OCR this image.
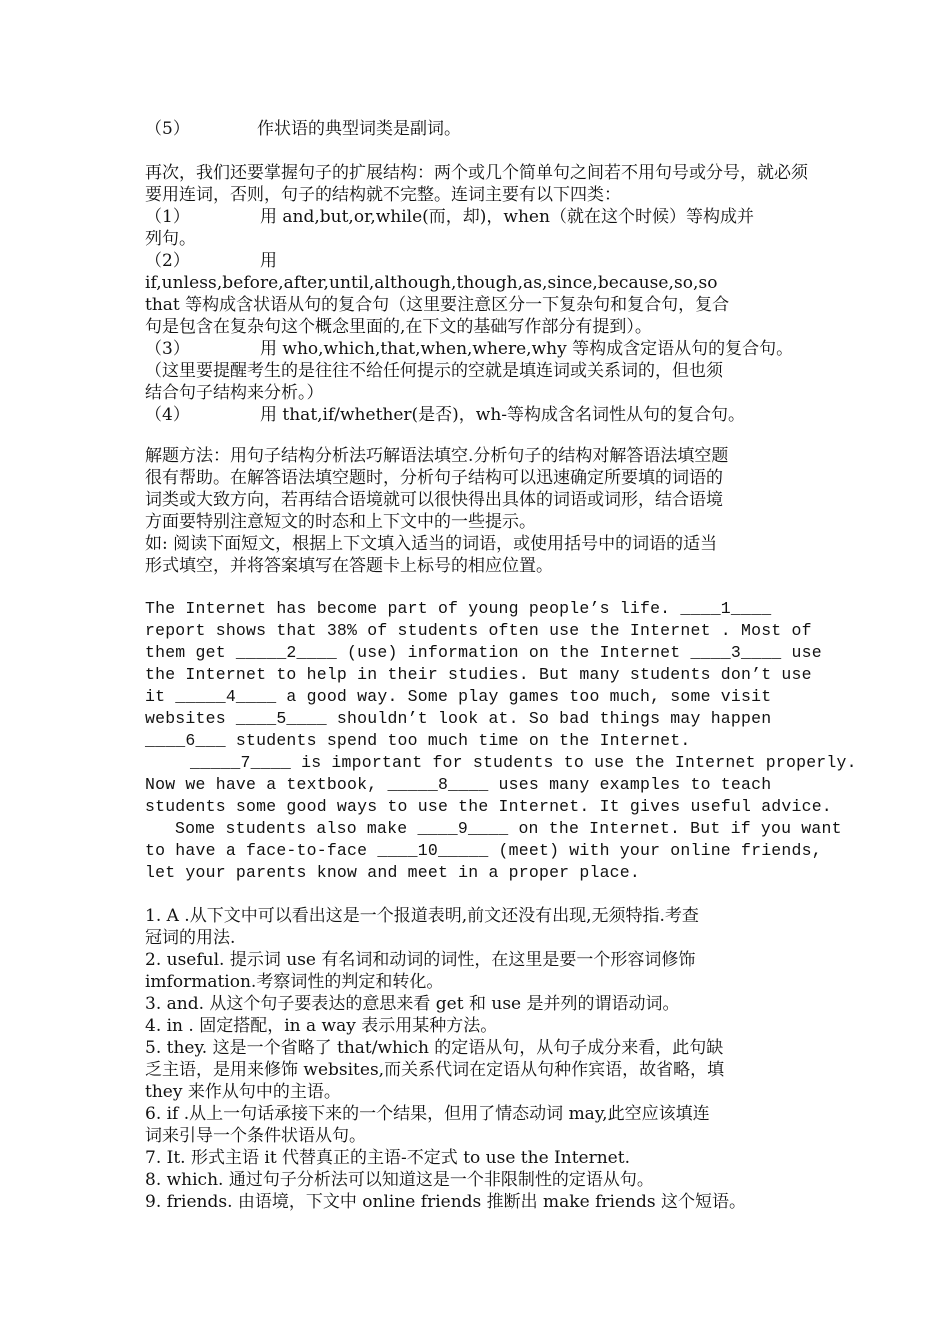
（5）	作状语的典型词类是副词。
再次，我们还要掌握句子的扩展结构：两个或几个简单句之间若不用句号或分号，就必须要用连词，否则，句子的结构就不完整。连词主要有以下四类：
（1）	用 and,but,or,while(而，却)，when（就在这个时候）等构成并
列句。
（2）	用
if,unless,before,after,until,although,though,as,since,because,so,so
that 等构成含状语从句的复合句（这里要注意区分一下复杂句和复合句，复合
句是包含在复杂句这个概念里面的,在下文的基础写作部分有提到）。
（3）	用 who,which,that,when,where,why 等构成含定语从句的复合句。
（这里要提醒考生的是往往不给任何提示的空就是填连词或关系词的，但也须
结合句子结构来分析。）
（4）	用 that,if/whether(是否)，wh-等构成含名词性从句的复合句。
解题方法：用句子结构分析法巧解语法填空.分析句子的结构对解答语法填空题
很有帮助。在解答语法填空题时，分析句子结构可以迅速确定所要填的词语的
词类或大致方向，若再结合语境就可以很快得出具体的词语或词形，结合语境
方面要特别注意短文的时态和上下文中的一些提示。
如: 阅读下面短文，根据上下文填入适当的词语，或使用括号中的词语的适当
形式填空，并将答案填写在答题卡上标号的相应位置。
The Internet has become part of young people’s life. ____1____
report shows that 38% of students often use the Internet . Most of
them get _____2____ (use) information on the Internet ____3____ use
the Internet to help in their studies. But many students don’t use
it _____4____ a good way. Some play games too much, some visit
websites ____5____ shouldn’t look at. So bad things may happen
____6___ students spend too much time on the Internet.
_____7____ is important for students to use the Internet properly.
Now we have a textbook, _____8____ uses many examples to teach
students some good ways to use the Internet. It gives useful advice.
Some students also make ____9____ on the Internet. But if you want
to have a face-to-face ____10_____ (meet) with your online friends,
let your parents know and meet in a proper place.
1. A .从下文中可以看出这是一个报道表明,前文还没有出现,无须特指.考查
冠词的用法.
2. useful. 提示词 use 有名词和动词的词性，在这里是要一个形容词修饰
imformation.考察词性的判定和转化。
3. and. 从这个句子要表达的意思来看 get 和 use 是并列的谓语动词。
4. in . 固定搭配，in a way 表示用某种方法。
5. they. 这是一个省略了 that/which 的定语从句，从句子成分来看，此句缺
乏主语，是用来修饰 websites,而关系代词在定语从句种作宾语，故省略，填
they 来作从句中的主语。
6. if .从上一句话承接下来的一个结果，但用了情态动词 may,此空应该填连
词来引导一个条件状语从句。
7. It. 形式主语 it 代替真正的主语-不定式 to use the Internet.
8. which. 通过句子分析法可以知道这是一个非限制性的定语从句。
9. friends. 由语境，下文中 online friends 推断出 make friends 这个短语。
